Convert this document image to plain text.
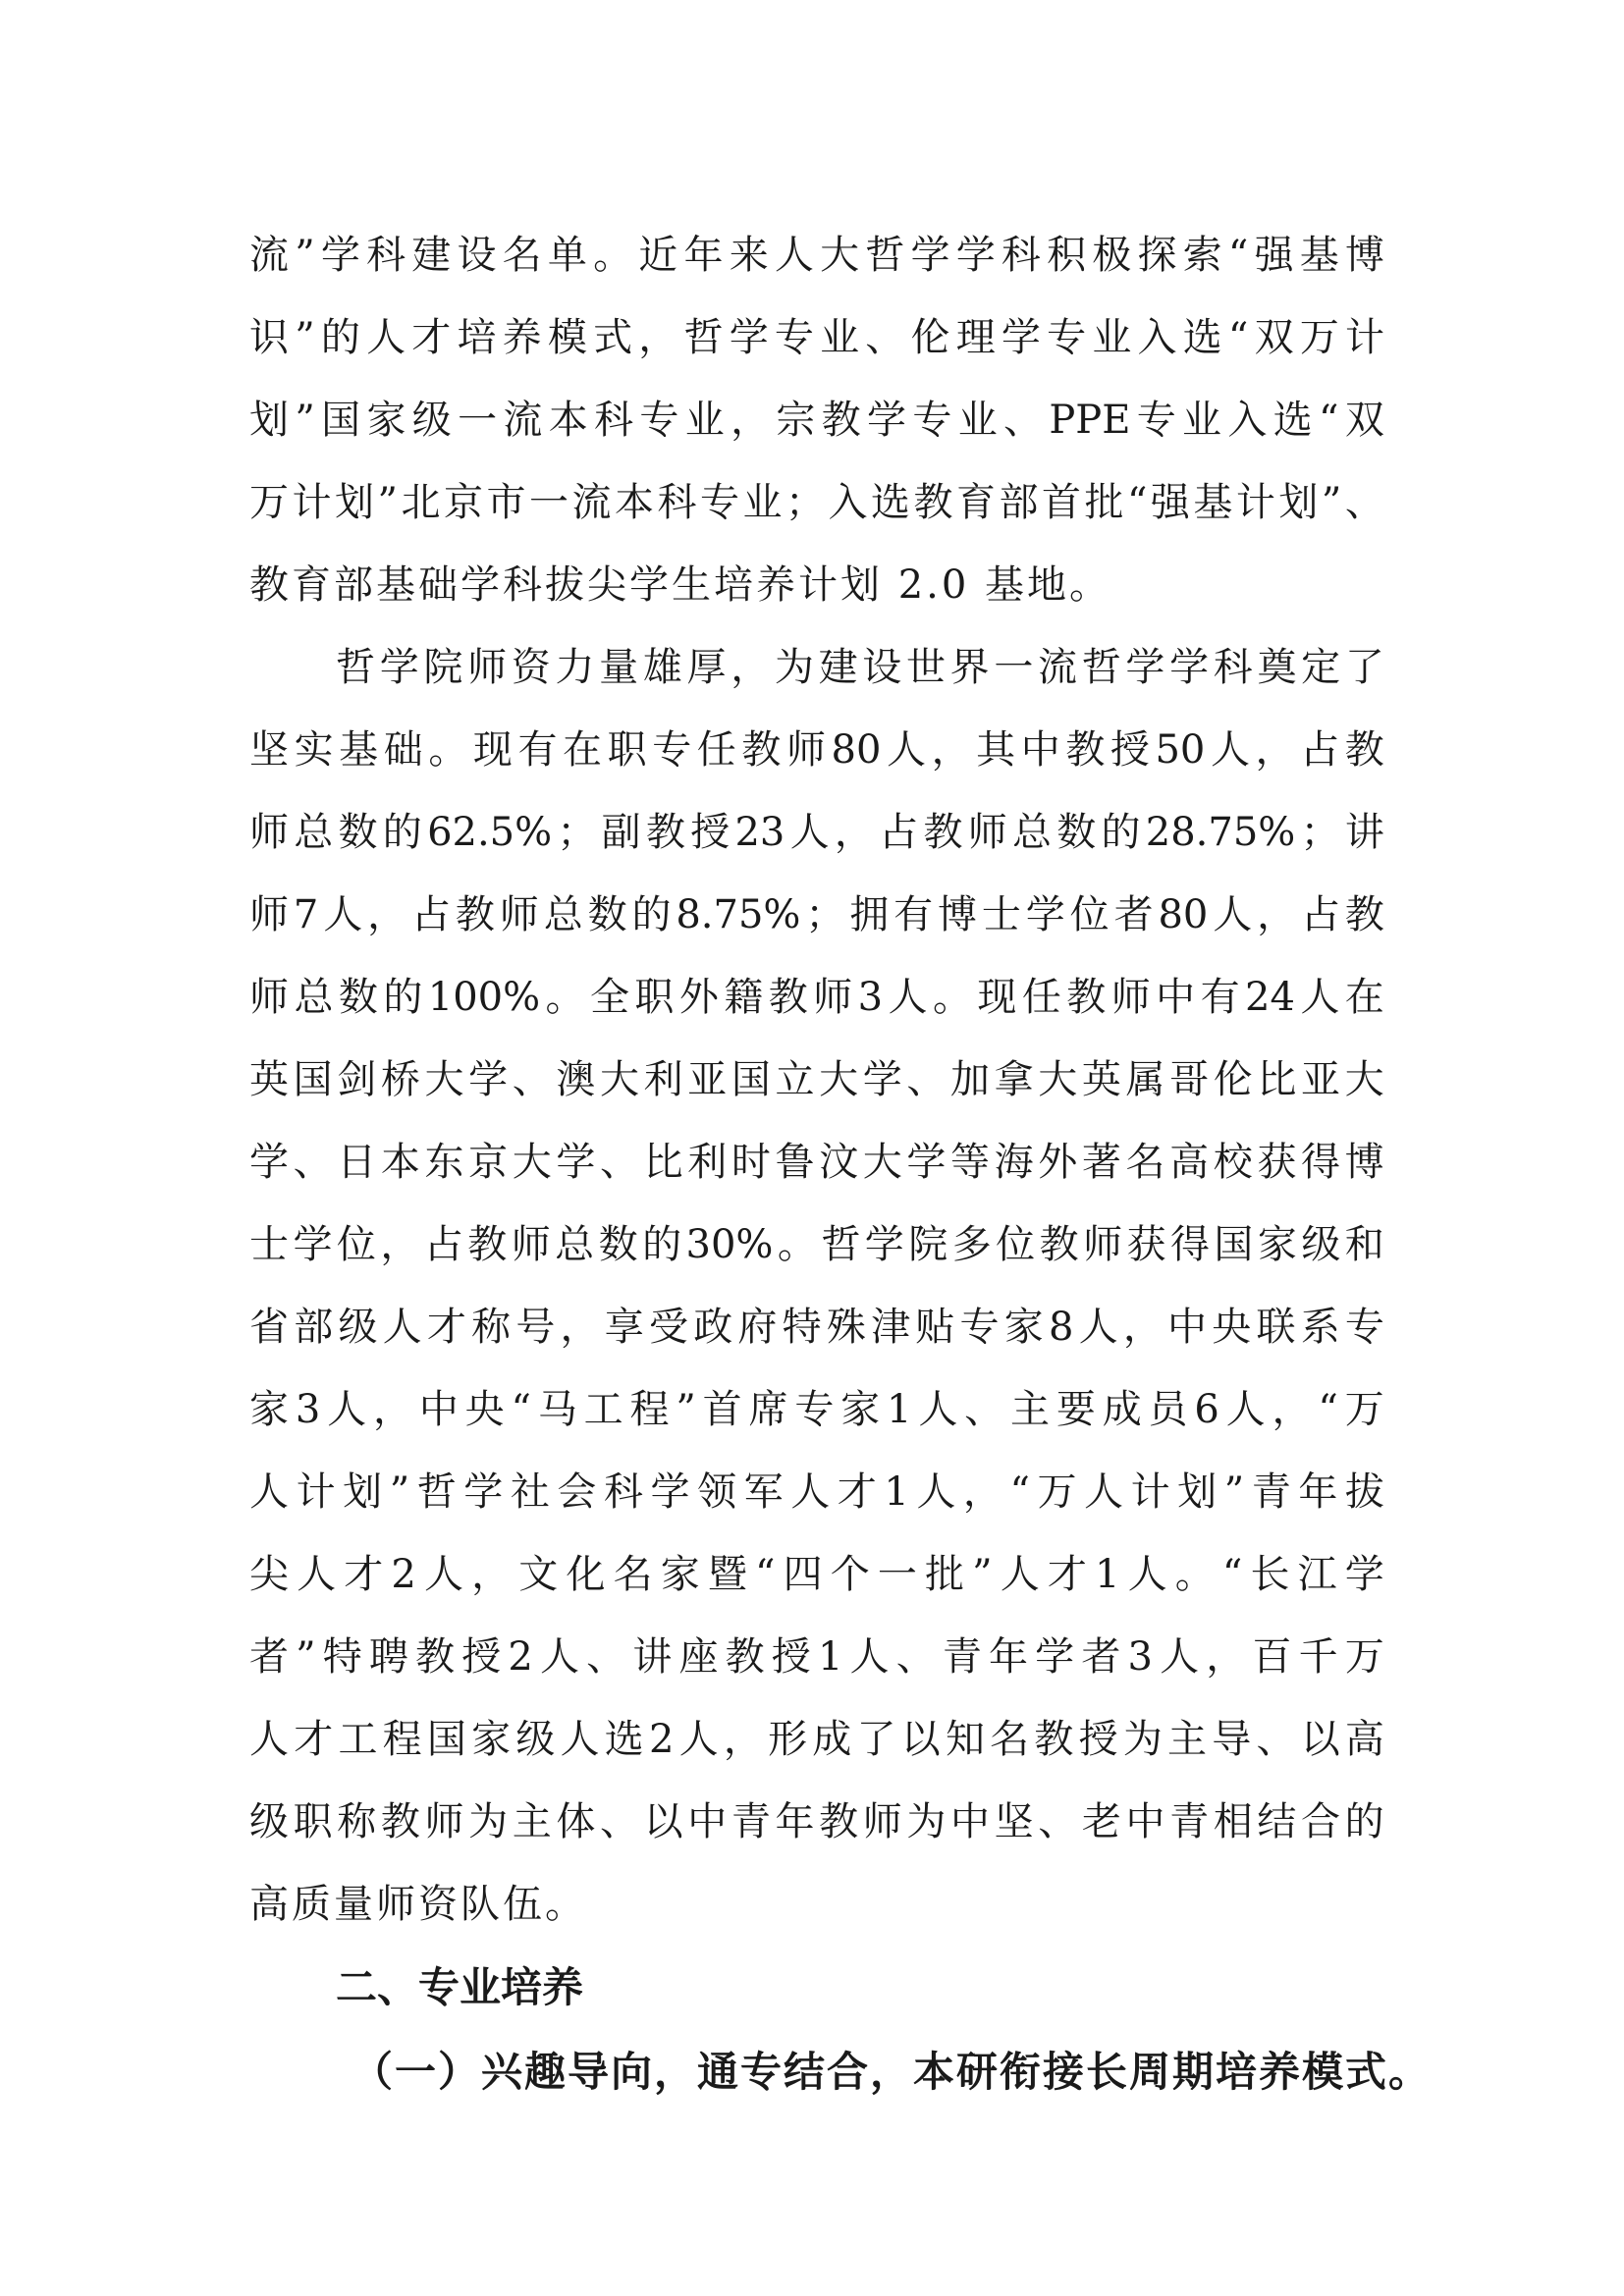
流 ” 学 科 建 设 名 单 。 近 年 来 人 大 哲 学 学 科 积 极 探 索 “ 强 基 博
识 ” 的 人 才 培 养 模 式 ， 哲 学 专 业 、 伦 理 学 专 业 入 选 “ 双 万 计
划 ” 国 家 级 一 流 本 科 专 业 ， 宗 教 学 专 业 、 PPE 专 业 入 选 “ 双
万 计 划 ” 北 京 市 一 流 本 科 专 业 ； 入 选 教 育 部 首 批 “ 强 基 计 划 ” 、
教育部基础学科拔尖学生培养计划 2.0 基地。
哲 学 院 师 资 力 量 雄 厚 ， 为 建 设 世 界 一 流 哲 学 学 科 奠 定 了
坚 实 基 础 。 现 有 在 职 专 任 教 师 80 人 ， 其 中 教 授 50 人 ， 占 教
师 总 数 的 62.5% ； 副 教 授 23 人 ， 占 教 师 总 数 的 28.75% ； 讲
师 7 人 ， 占 教 师 总 数 的 8.75% ； 拥 有 博 士 学 位 者 80 人 ， 占 教
师 总 数 的 100% 。 全 职 外 籍 教 师 3 人 。 现 任 教 师 中 有 24 人 在
英 国 剑 桥 大 学 、 澳 大 利 亚 国 立 大 学 、 加 拿 大 英 属 哥 伦 比 亚 大
学 、 日 本 东 京 大 学 、 比 利 时 鲁 汶 大 学 等 海 外 著 名 高 校 获 得 博
士 学 位 ， 占 教 师 总 数 的 30% 。 哲 学 院 多 位 教 师 获 得 国 家 级 和
省 部 级 人 才 称 号 ， 享 受 政 府 特 殊 津 贴 专 家 8 人 ， 中 央 联 系 专
家 3 人 ， 中 央 “ 马 工 程 ” 首 席 专 家 1 人 、 主 要 成 员 6 人 ， “ 万
人 计 划 ” 哲 学 社 会 科 学 领 军 人 才 1 人 ， “ 万 人 计 划 ” 青 年 拔
尖 人 才 2 人 ， 文 化 名 家 暨 “ 四 个 一 批 ” 人 才 1 人 。 “ 长 江 学
者 ” 特 聘 教 授 2 人 、 讲 座 教 授 1 人 、 青 年 学 者 3 人 ， 百 千 万
人 才 工 程 国 家 级 人 选 2 人 ， 形 成 了 以 知 名 教 授 为 主 导 、 以 高
级 职 称 教 师 为 主 体 、 以 中 青 年 教 师 为 中 坚 、 老 中 青 相 结 合 的
高质量师资队伍。
二、专业培养
（一）兴趣导向，通专结合，本研衔接长周期培养模式。
